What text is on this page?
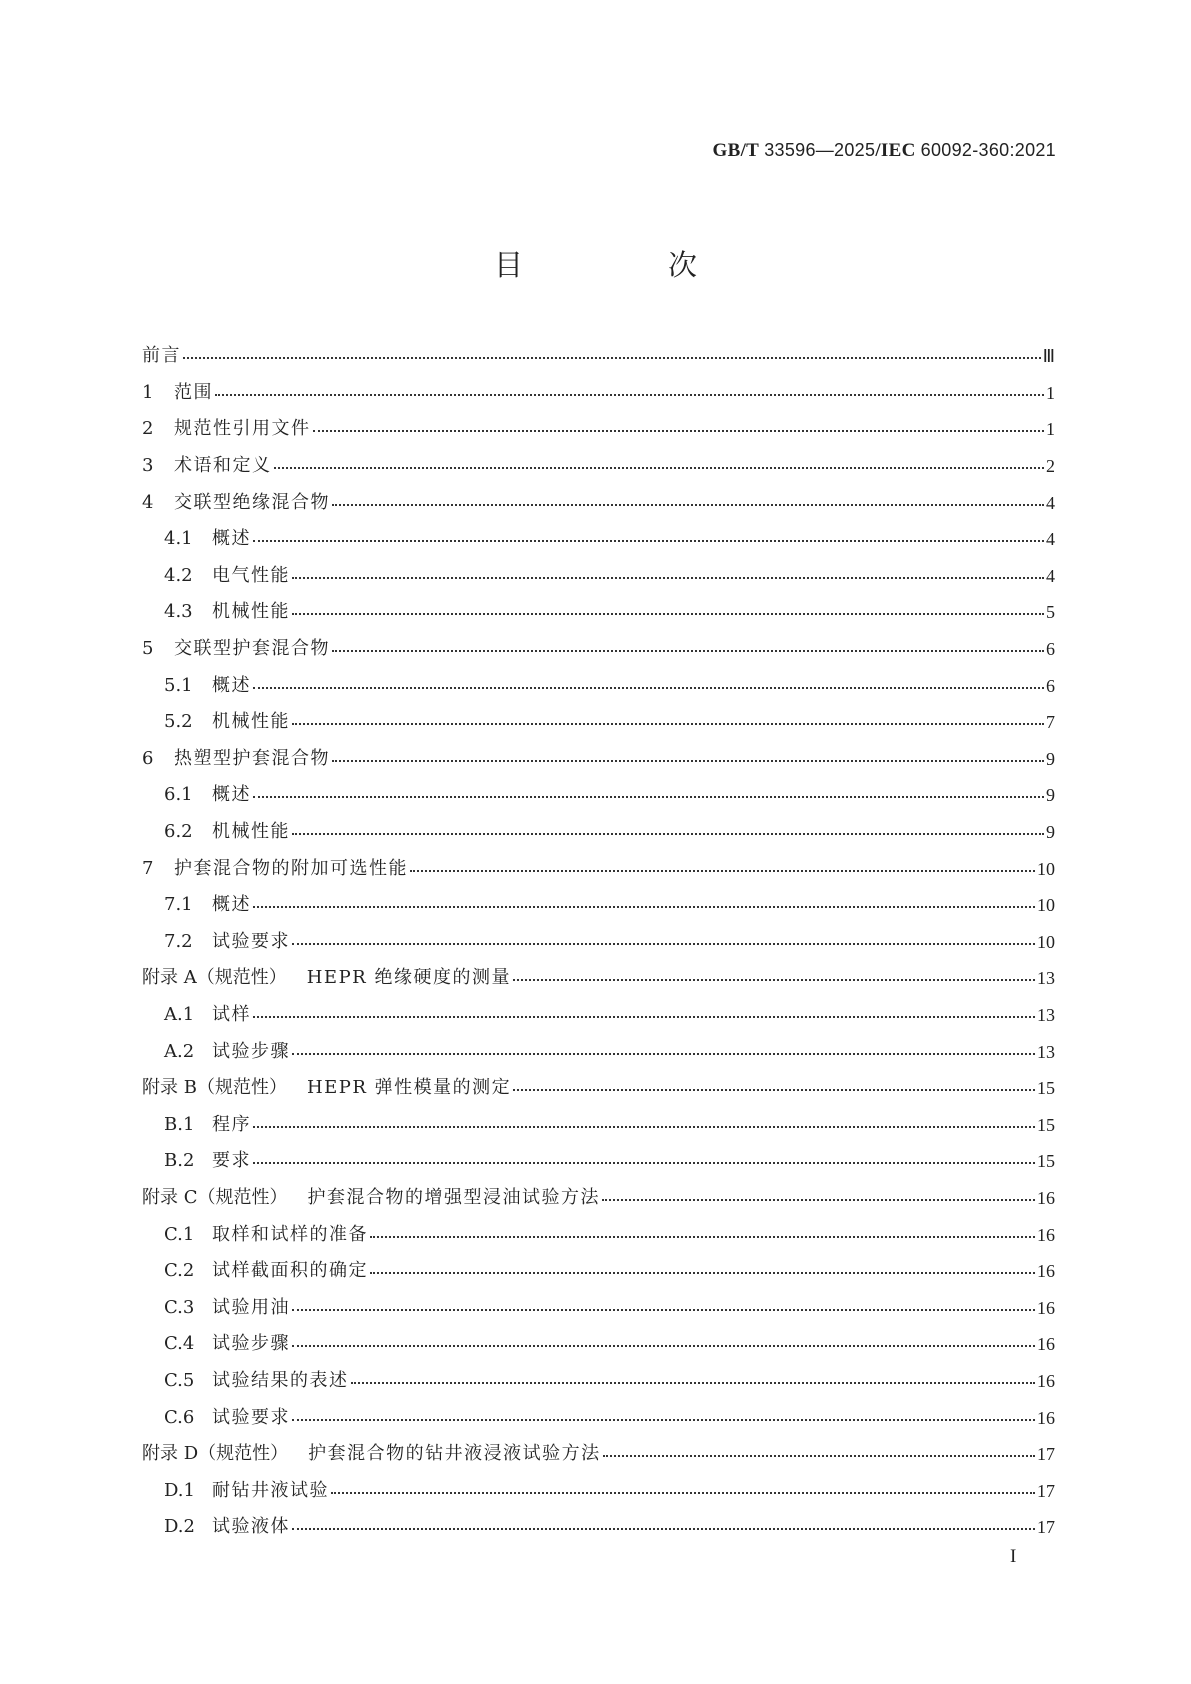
GB/T 33596—2025/IEC 60092-360:2021
目　次
前言	Ⅲ
1	范围	1
2	规范性引用文件	1
3	术语和定义	2
4	交联型绝缘混合物	4
4.1	概述	4
4.2	电气性能	4
4.3	机械性能	5
5	交联型护套混合物	6
5.1	概述	6
5.2	机械性能	7
6	热塑型护套混合物	9
6.1	概述	9
6.2	机械性能	9
7	护套混合物的附加可选性能	10
7.1	概述	10
7.2	试验要求	10
附录 A（规范性） HEPR 绝缘硬度的测量	13
A.1 试样	13
A.2 试验步骤	13
附录 B（规范性） HEPR 弹性模量的测定	15
B.1 程序	15
B.2 要求	15
附录 C（规范性） 护套混合物的增强型浸油试验方法	16
C.1 取样和试样的准备	16
C.2 试样截面积的确定	16
C.3 试验用油	16
C.4 试验步骤	16
C.5 试验结果的表述	16
C.6 试验要求	16
附录 D（规范性） 护套混合物的钻井液浸液试验方法	17
D.1 耐钻井液试验	17
D.2 试验液体	17
I
